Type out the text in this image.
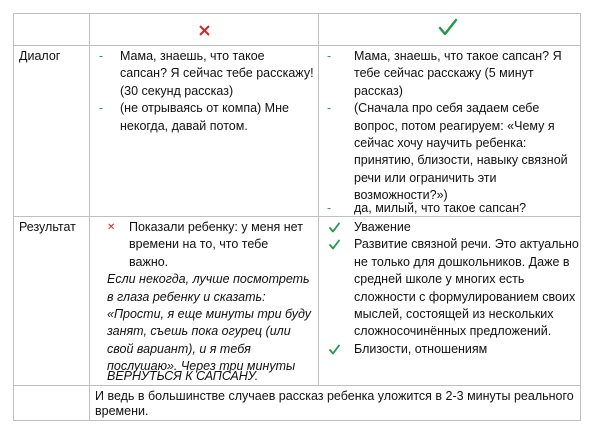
Диалог	- Мама, знаешь, что такое
сапсан? Я сейчас тебе расскажу!
(30 секунд рассказ)
- (не отрываясь от компа) Мне
некогда, давай потом.
- Мама, знаешь, что такое сапсан? Я
тебе сейчас расскажу (5 минут
рассказ)
- (Сначала про себя задаем себе
вопрос, потом реагируем: «Чему я
сейчас хочу научить ребенка:
принятию, близости, навыку связной
речи или ограничить эти
возможности?»)
- да, милый, что такое сапсан?
Результат	✕ Показали ребенку: у меня нет
времени на то, что тебе
важно.
Если некогда, лучше посмотреть
в глаза ребенку и сказать:
«Прости, я еще минуты три буду
занят, съешь пока огурец (или
свой вариант), и я тебя
послушаю». Через три минуты
ВЕРНУТЬСЯ К САПСАНУ.
Уважение
Развитие связной речи. Это актуально
не только для дошкольников. Даже в
средней школе у многих есть
сложности с формулированием своих
мыслей, состоящей из нескольких
сложносочинённых предложений.
Близости, отношениям
И ведь в большинстве случаев рассказ ребенка уложится в 2-3 минуты реального
времени.
